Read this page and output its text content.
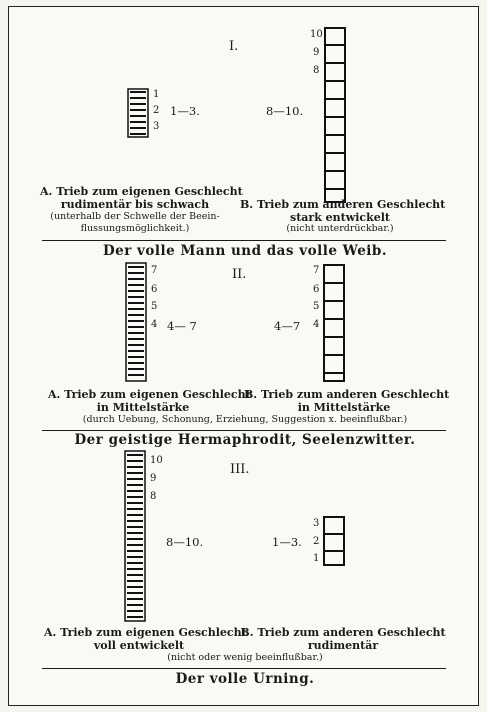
I.
1
2
3
1—3.	8—10.
10
9
8
A. Trieb zum eigenen Geschlecht
rudimentär bis schwach
(unterhalb der Schwelle der Beein-
flussungsmöglichkeit.)
B. Trieb zum anderen Geschlecht
stark entwickelt
(nicht unterdrückbar.)
Der volle Mann und das volle Weib.
II.
7
6
5
4 4— 7	4—7
7
6
5
4
A. Trieb zum eigenen Geschlecht
in Mittelstärke
B. Trieb zum anderen Geschlecht
in Mittelstärke
(durch Uebung, Schonung, Erziehung, Suggestion x. beeinflußbar.)
Der geistige Hermaphrodit, Seelenzwitter.
III.
10
9
8
8—10.	1—3.
3
2
1
A. Trieb zum eigenen Geschlecht
voll entwickelt
B. Trieb zum anderen Geschlecht
rudimentär
(nicht oder wenig beeinflußbar.)
Der volle Urning.
